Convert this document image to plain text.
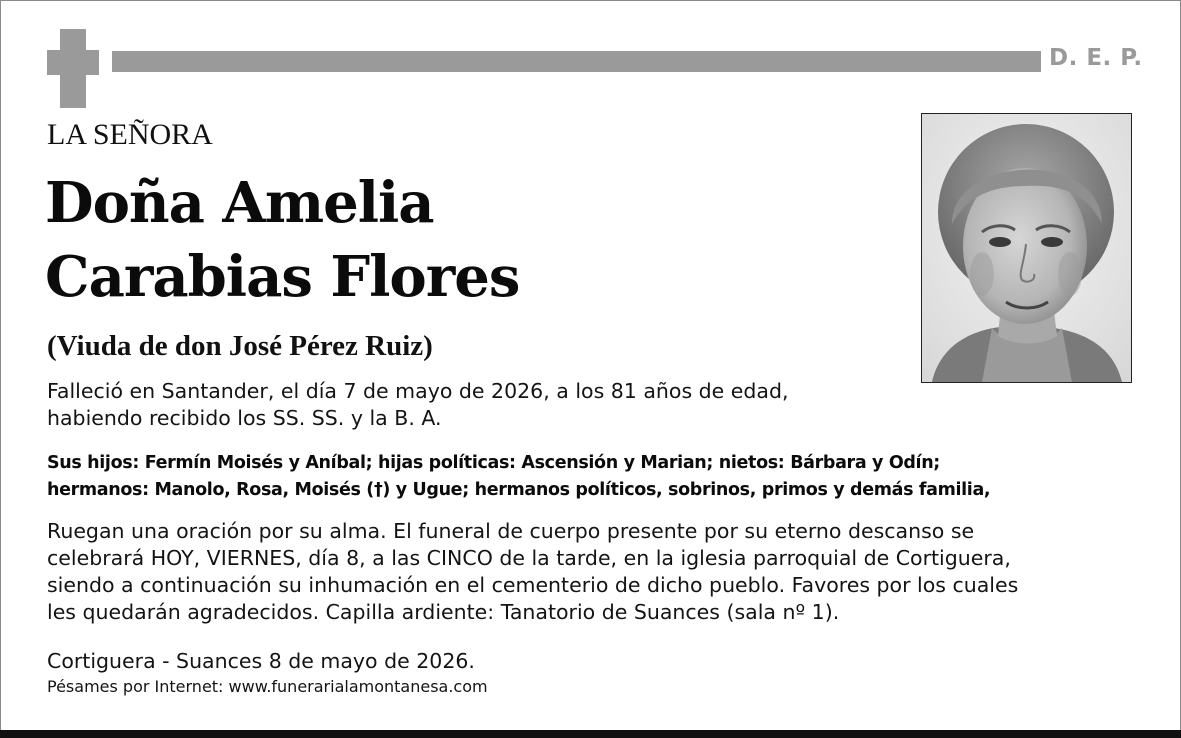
D. E. P.
LA SEÑORA
Doña Amelia
Carabias Flores
(Viuda de don José Pérez Ruiz)
Falleció en Santander, el día 7 de mayo de 2026, a los 81 años de edad,
habiendo recibido los SS. SS. y la B. A.
Sus hijos: Fermín Moisés y Aníbal; hijas políticas: Ascensión y Marian; nietos: Bárbara y Odín;
hermanos: Manolo, Rosa, Moisés (†) y Ugue; hermanos políticos, sobrinos, primos y demás familia,
Ruegan una oración por su alma. El funeral de cuerpo presente por su eterno descanso se
celebrará HOY, VIERNES, día 8, a las CINCO de la tarde, en la iglesia parroquial de Cortiguera,
siendo a continuación su inhumación en el cementerio de dicho pueblo. Favores por los cuales
les quedarán agradecidos. Capilla ardiente: Tanatorio de Suances (sala nº 1).
Cortiguera - Suances 8 de mayo de 2026.
Pésames por Internet: www.funerarialamontanesa.com
